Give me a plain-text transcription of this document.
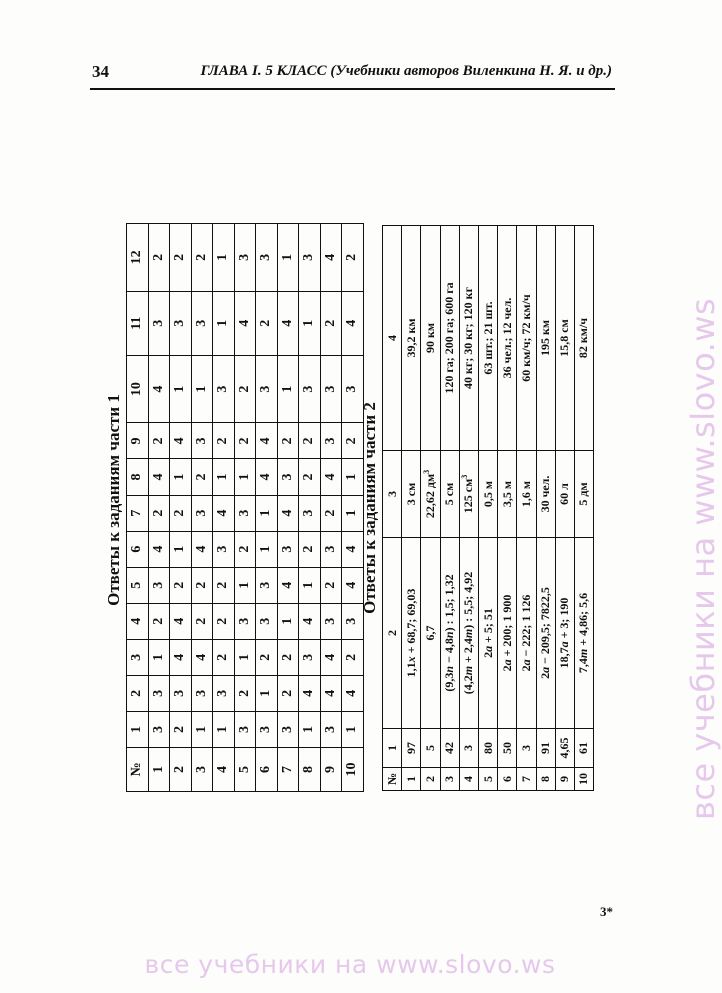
34	ГЛАВА I. 5 КЛАСС (Учебники авторов Виленкина Н. Я. и др.)
Ответы к заданиям части 1
№	1	2	3	4	5	6	7	8	9	10	11	12
1	3	3	1	2	3	4	2	4	2	4	3	2
2	2	3	4	4	2	1	2	1	4	1	3	2
3	1	3	4	2	2	4	3	2	3	1	3	2
4	1	3	2	2	2	3	4	1	2	3	1	1
5	3	2	1	3	1	2	3	1	2	2	4	3
6	3	1	2	3	3	1	1	4	4	3	2	3
7	3	2	2	1	4	3	4	3	2	1	4	1
8	1	4	3	4	1	2	3	2	2	3	1	3
9	3	4	4	3	2	3	2	4	3	3	2	4
10	1	4	2	3	4	4	1	1	2	3	4	2
Ответы к заданиям части 2
№	1	2	3	4
1	97	1,1x + 68,7; 69,03	3 см	39,2 км
2	5	6,7	22,62 $дм^3$	90 км
3	42	(9,3n − 4,8n) : 1,5; 1,32	5 см	120 га; 200 га; 600 га
4	3	(4,2m + 2,4m) : 5,5; 4,92	125 $см^3$	40 кг; 30 кг; 120 кг
5	80	2a + 5; 51	0,5 м	63 шт.; 21 шт.
6	50	2a + 200; 1 900	3,5 м	36 чел.; 12 чел.
7	3	2a − 222; 1 126	1,6 м	60 км/ч; 72 км/ч
8	91	2a − 209,5; 7822,5	30 чел.	195 км
9	4,65	18,7a + 3; 190	60 л	15,8 см
10	61	7,4m + 4,86; 5,6	5 дм	82 км/ч
3*
все учебники на www.slovo.ws
все учебники на www.slovo.ws
